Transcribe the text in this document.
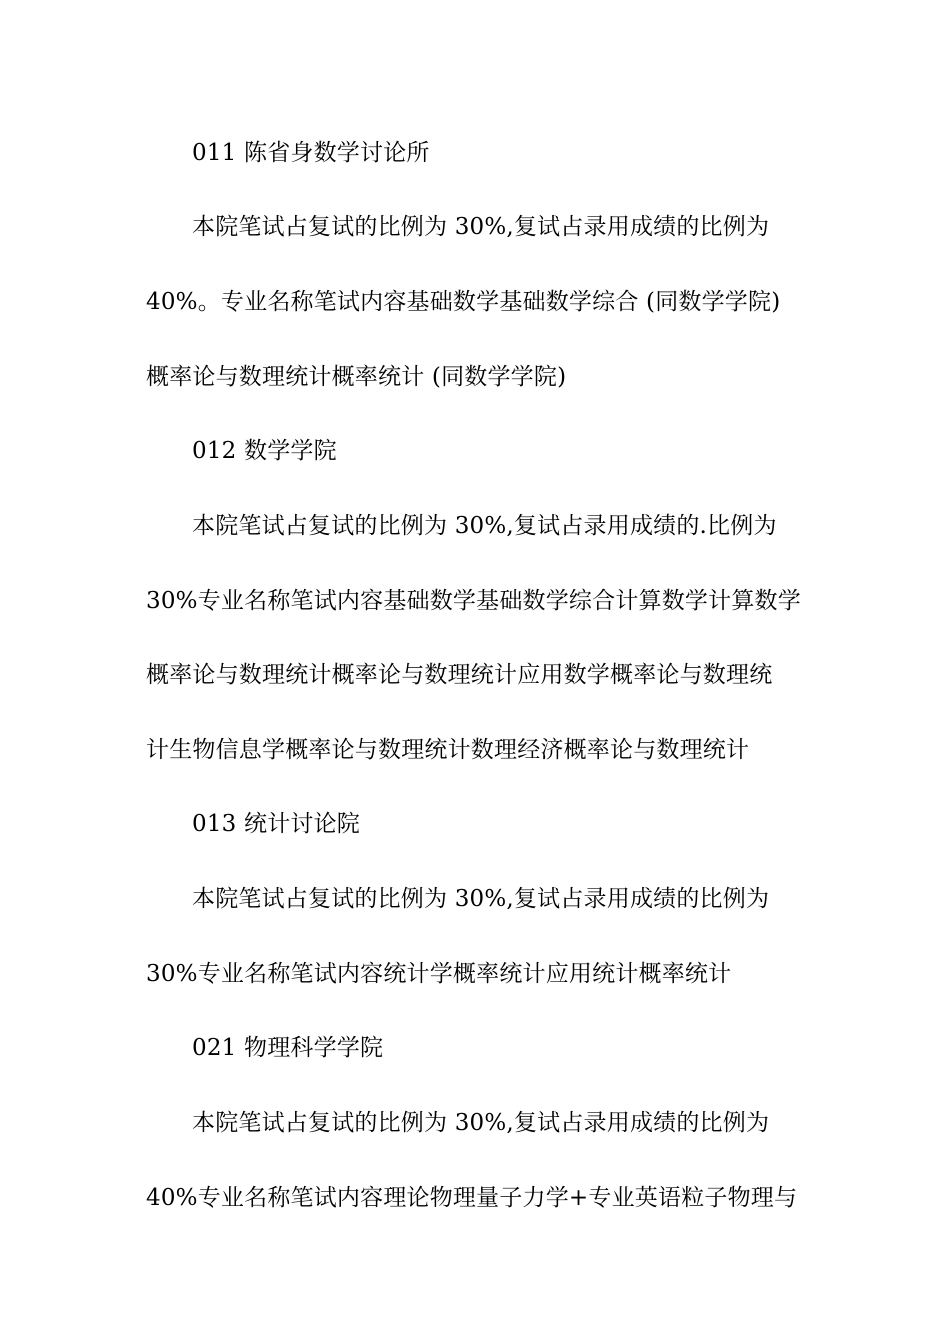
011 陈省身数学讨论所
本院笔试占复试的比例为 30%,复试占录用成绩的比例为
40%。专业名称笔试内容基础数学基础数学综合 (同数学学院)
概率论与数理统计概率统计 (同数学学院)
012 数学学院
本院笔试占复试的比例为 30%,复试占录用成绩的.比例为
30%专业名称笔试内容基础数学基础数学综合计算数学计算数学
概率论与数理统计概率论与数理统计应用数学概率论与数理统
计生物信息学概率论与数理统计数理经济概率论与数理统计
013 统计讨论院
本院笔试占复试的比例为 30%,复试占录用成绩的比例为
30%专业名称笔试内容统计学概率统计应用统计概率统计
021 物理科学学院
本院笔试占复试的比例为 30%,复试占录用成绩的比例为
40%专业名称笔试内容理论物理量子力学+专业英语粒子物理与
